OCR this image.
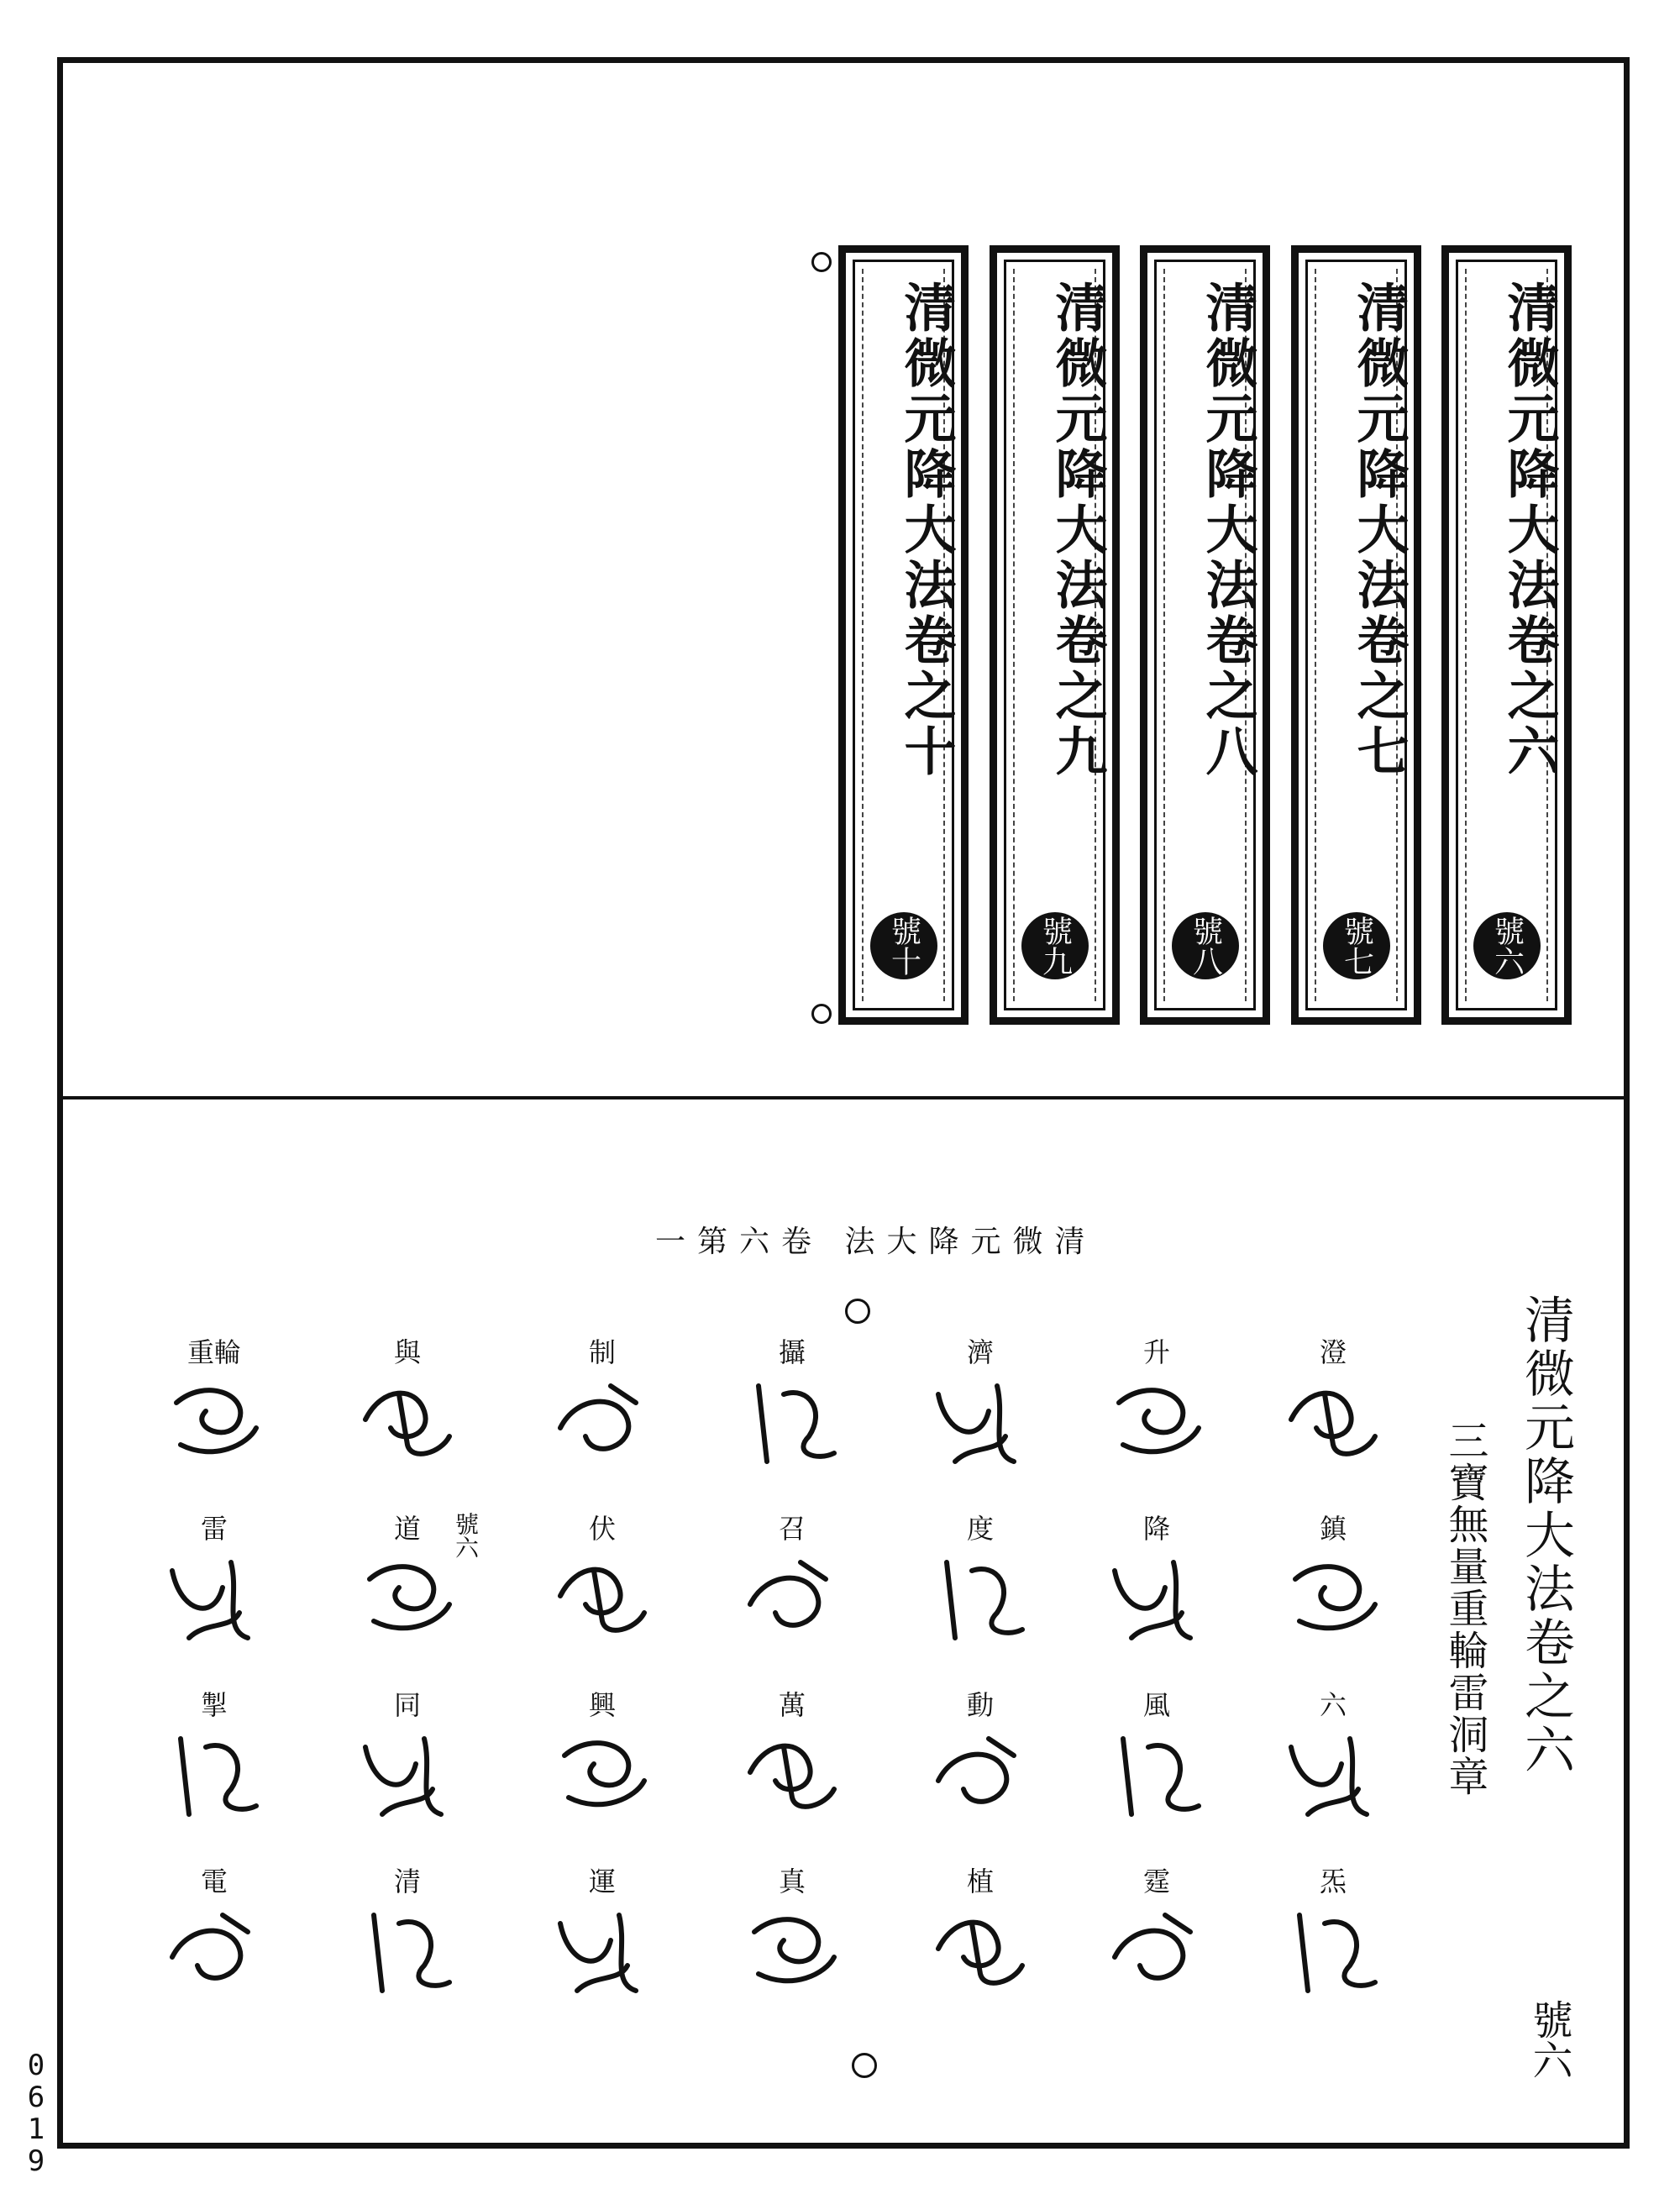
清微元降大法卷之六
號六
清微元降大法卷之七
號七
清微元降大法卷之八
號八
清微元降大法卷之九
號九
清微元降大法卷之十
號十
一第六卷 法大降元微清
清微元降大法卷之六
三寶無量重輪雷洞章
號六
號六
澄
鎮
六
炁
升
降
風
霆
濟
度
動
植
攝
召
萬
真
制
伏
興
運
與
道
同
清
重輪
雷
掣
電
0619
